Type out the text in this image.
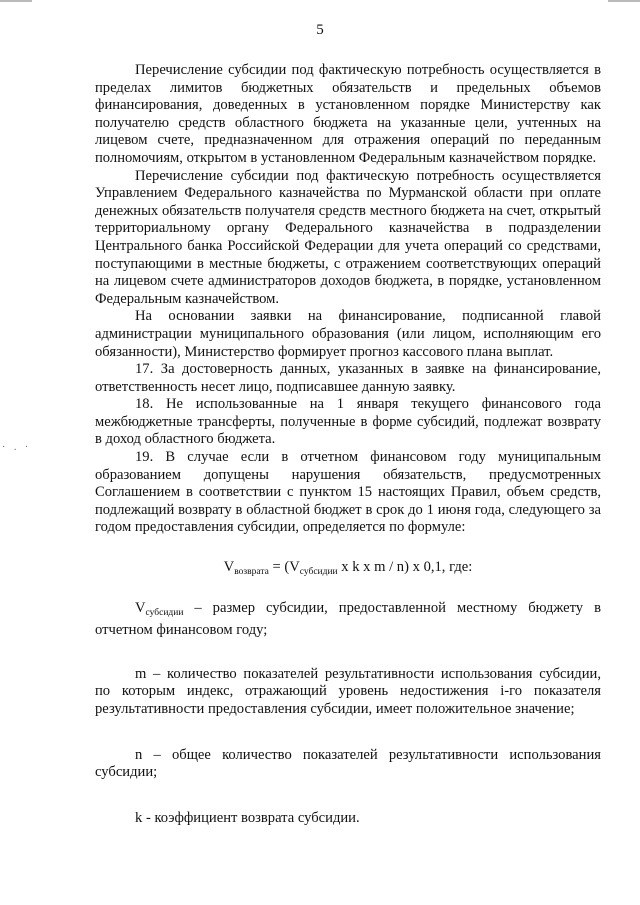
5
· . ·

Перечисление субсидии под фактическую потребность осуществляется в пределах лимитов бюджетных обязательств и предельных объемов финансирования, доведенных в установленном порядке Министерству как получателю средств областного бюджета на указанные цели, учтенных на лицевом счете, предназначенном для отражения операций по переданным полномочиям, открытом в установленном Федеральным казначейством порядке.

Перечисление субсидии под фактическую потребность осуществляется Управлением Федерального казначейства по Мурманской области при оплате денежных обязательств получателя средств местного бюджета на счет, открытый территориальному органу Федерального казначейства в подразделении Центрального банка Российской Федерации для учета операций со средствами, поступающими в местные бюджеты, с отражением соответствующих операций на лицевом счете администраторов доходов бюджета, в порядке, установленном Федеральным казначейством.

На основании заявки на финансирование, подписанной главой администрации муниципального образования (или лицом, исполняющим его обязанности), Министерство формирует прогноз кассового плана выплат.

17. За достоверность данных, указанных в заявке на финансирование, ответственность несет лицо, подписавшее данную заявку.

18. Не использованные на 1 января текущего финансового года межбюджетные трансферты, полученные в форме субсидий, подлежат возврату в доход областного бюджета.

19. В случае если в отчетном финансовом году муниципальным образованием допущены нарушения обязательств, предусмотренных Соглашением в соответствии с пунктом 15 настоящих Правил, объем средств, подлежащий возврату в областной бюджет в срок до 1 июня года, следующего за годом предоставления субсидии, определяется по формуле:

$V_{возврата} = (V_{субсидии}$ x k x m / n) x 0,1, где:

$V_{субсидии}$ – размер субсидии, предоставленной местному бюджету в отчетном финансовом году;

m – количество показателей результативности использования субсидии, по которым индекс, отражающий уровень недостижения i-го показателя результативности предоставления субсидии, имеет положительное значение;

n – общее количество показателей результативности использования субсидии;

k - коэффициент возврата субсидии.
